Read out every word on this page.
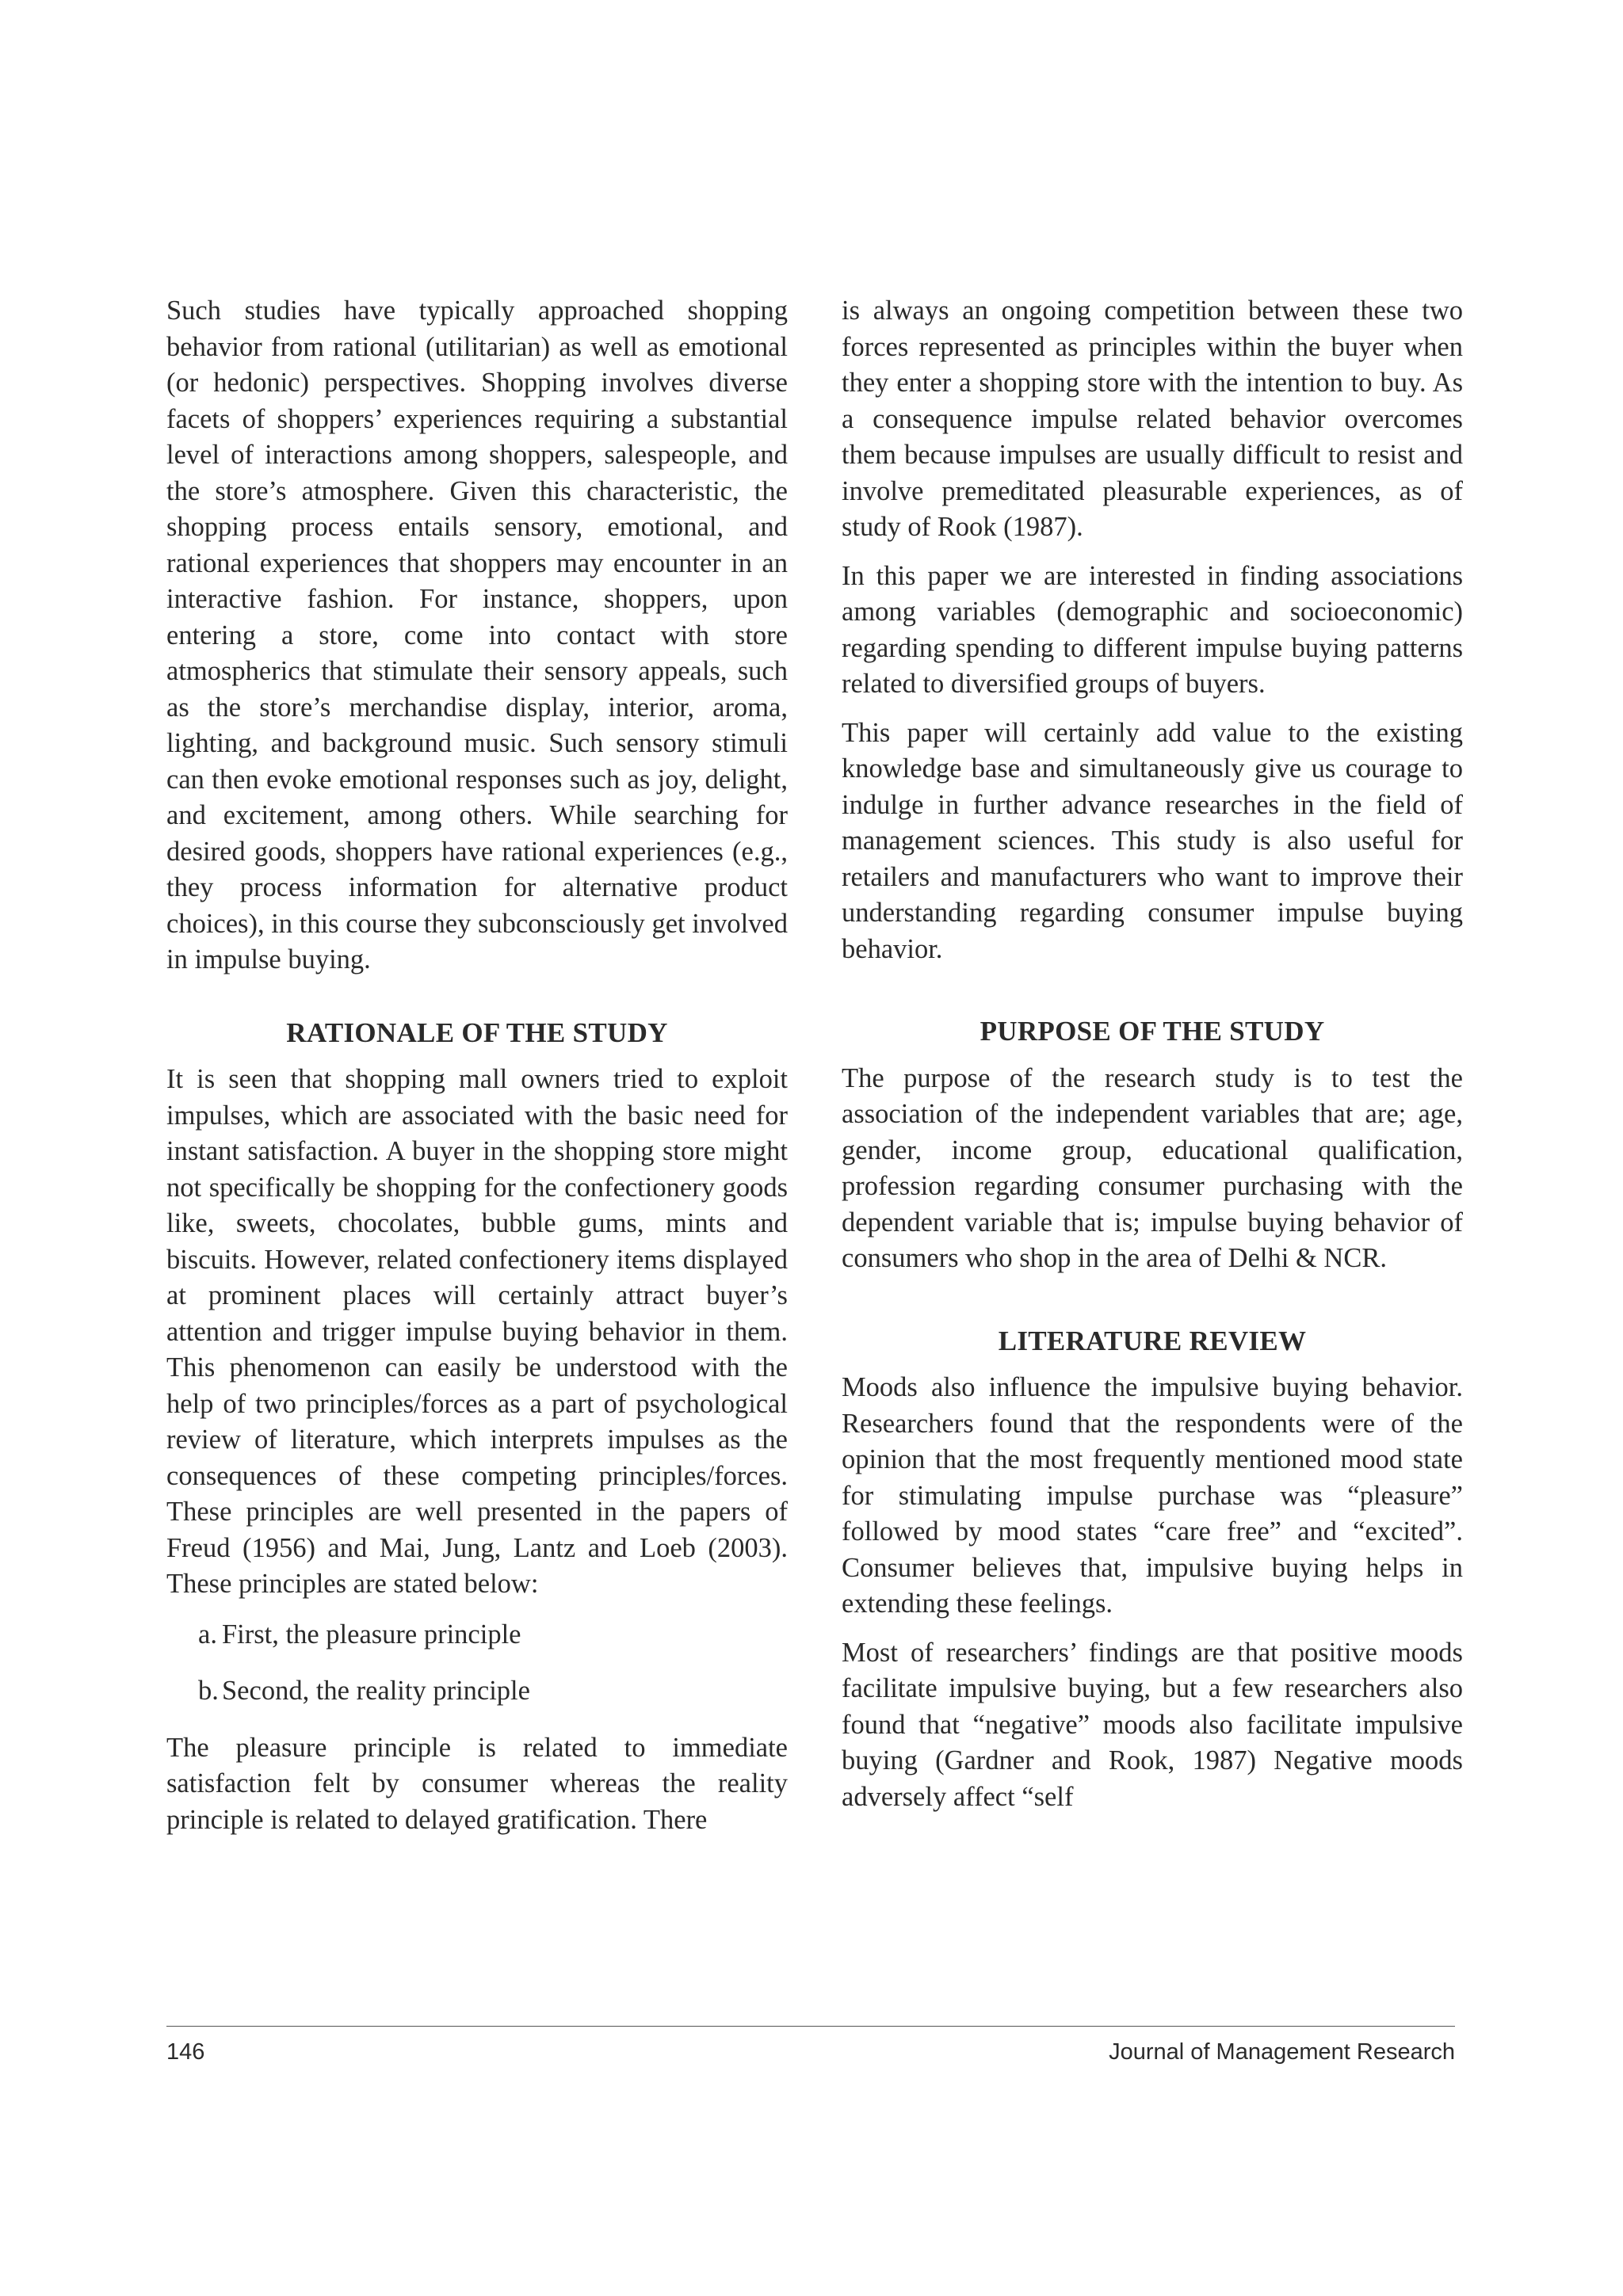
Such studies have typically approached shopping behavior from rational (utilitarian) as well as emotional (or hedonic) perspectives. Shopping involves diverse facets of shoppers’ experiences requiring a substantial level of interactions among shoppers, salespeople, and the store’s atmosphere. Given this characteristic, the shopping process entails sensory, emotional, and rational experiences that shoppers may encounter in an interactive fashion. For instance, shoppers, upon entering a store, come into contact with store atmospherics that stimulate their sensory appeals, such as the store’s merchandise display, interior, aroma, lighting, and background music. Such sensory stimuli can then evoke emotional responses such as joy, delight, and excitement, among others. While searching for desired goods, shoppers have rational experiences (e.g., they process information for alternative product choices), in this course they subconsciously get involved in impulse buying.

RATIONALE OF THE STUDY

It is seen that shopping mall owners tried to exploit impulses, which are associated with the basic need for instant satisfaction. A buyer in the shopping store might not specifically be shopping for the confectionery goods like, sweets, chocolates, bubble gums, mints and biscuits. However, related confectionery items displayed at prominent places will certainly attract buyer’s attention and trigger impulse buying behavior in them. This phenomenon can easily be understood with the help of two principles/forces as a part of psychological review of literature, which interprets impulses as the consequences of these competing principles/forces. These principles are well presented in the papers of Freud (1956) and Mai, Jung, Lantz and Loeb (2003). These principles are stated below:

a. First, the pleasure principle
b. Second, the reality principle

The pleasure principle is related to immediate satisfaction felt by consumer whereas the reality principle is related to delayed gratification. There

is always an ongoing competition between these two forces represented as principles within the buyer when they enter a shopping store with the intention to buy. As a consequence impulse related behavior overcomes them because impulses are usually difficult to resist and involve premeditated pleasurable experiences, as of study of Rook (1987).

In this paper we are interested in finding associations among variables (demographic and socioeconomic) regarding spending to different impulse buying patterns related to diversified groups of buyers.

This paper will certainly add value to the existing knowledge base and simultaneously give us courage to indulge in further advance researches in the field of management sciences. This study is also useful for retailers and manufacturers who want to improve their understanding regarding consumer impulse buying behavior.

PURPOSE OF THE STUDY

The purpose of the research study is to test the association of the independent variables that are; age, gender, income group, educational qualification, profession regarding consumer purchasing with the dependent variable that is; impulse buying behavior of consumers who shop in the area of Delhi & NCR.

LITERATURE REVIEW

Moods also influence the impulsive buying behavior. Researchers found that the respondents were of the opinion that the most frequently mentioned mood state for stimulating impulse purchase was “pleasure” followed by mood states “care free” and “excited”. Consumer believes that, impulsive buying helps in extending these feelings.

Most of researchers’ findings are that positive moods facilitate impulsive buying, but a few researchers also found that “negative” moods also facilitate impulsive buying (Gardner and Rook, 1987) Negative moods adversely affect “self

146	Journal of Management Research
